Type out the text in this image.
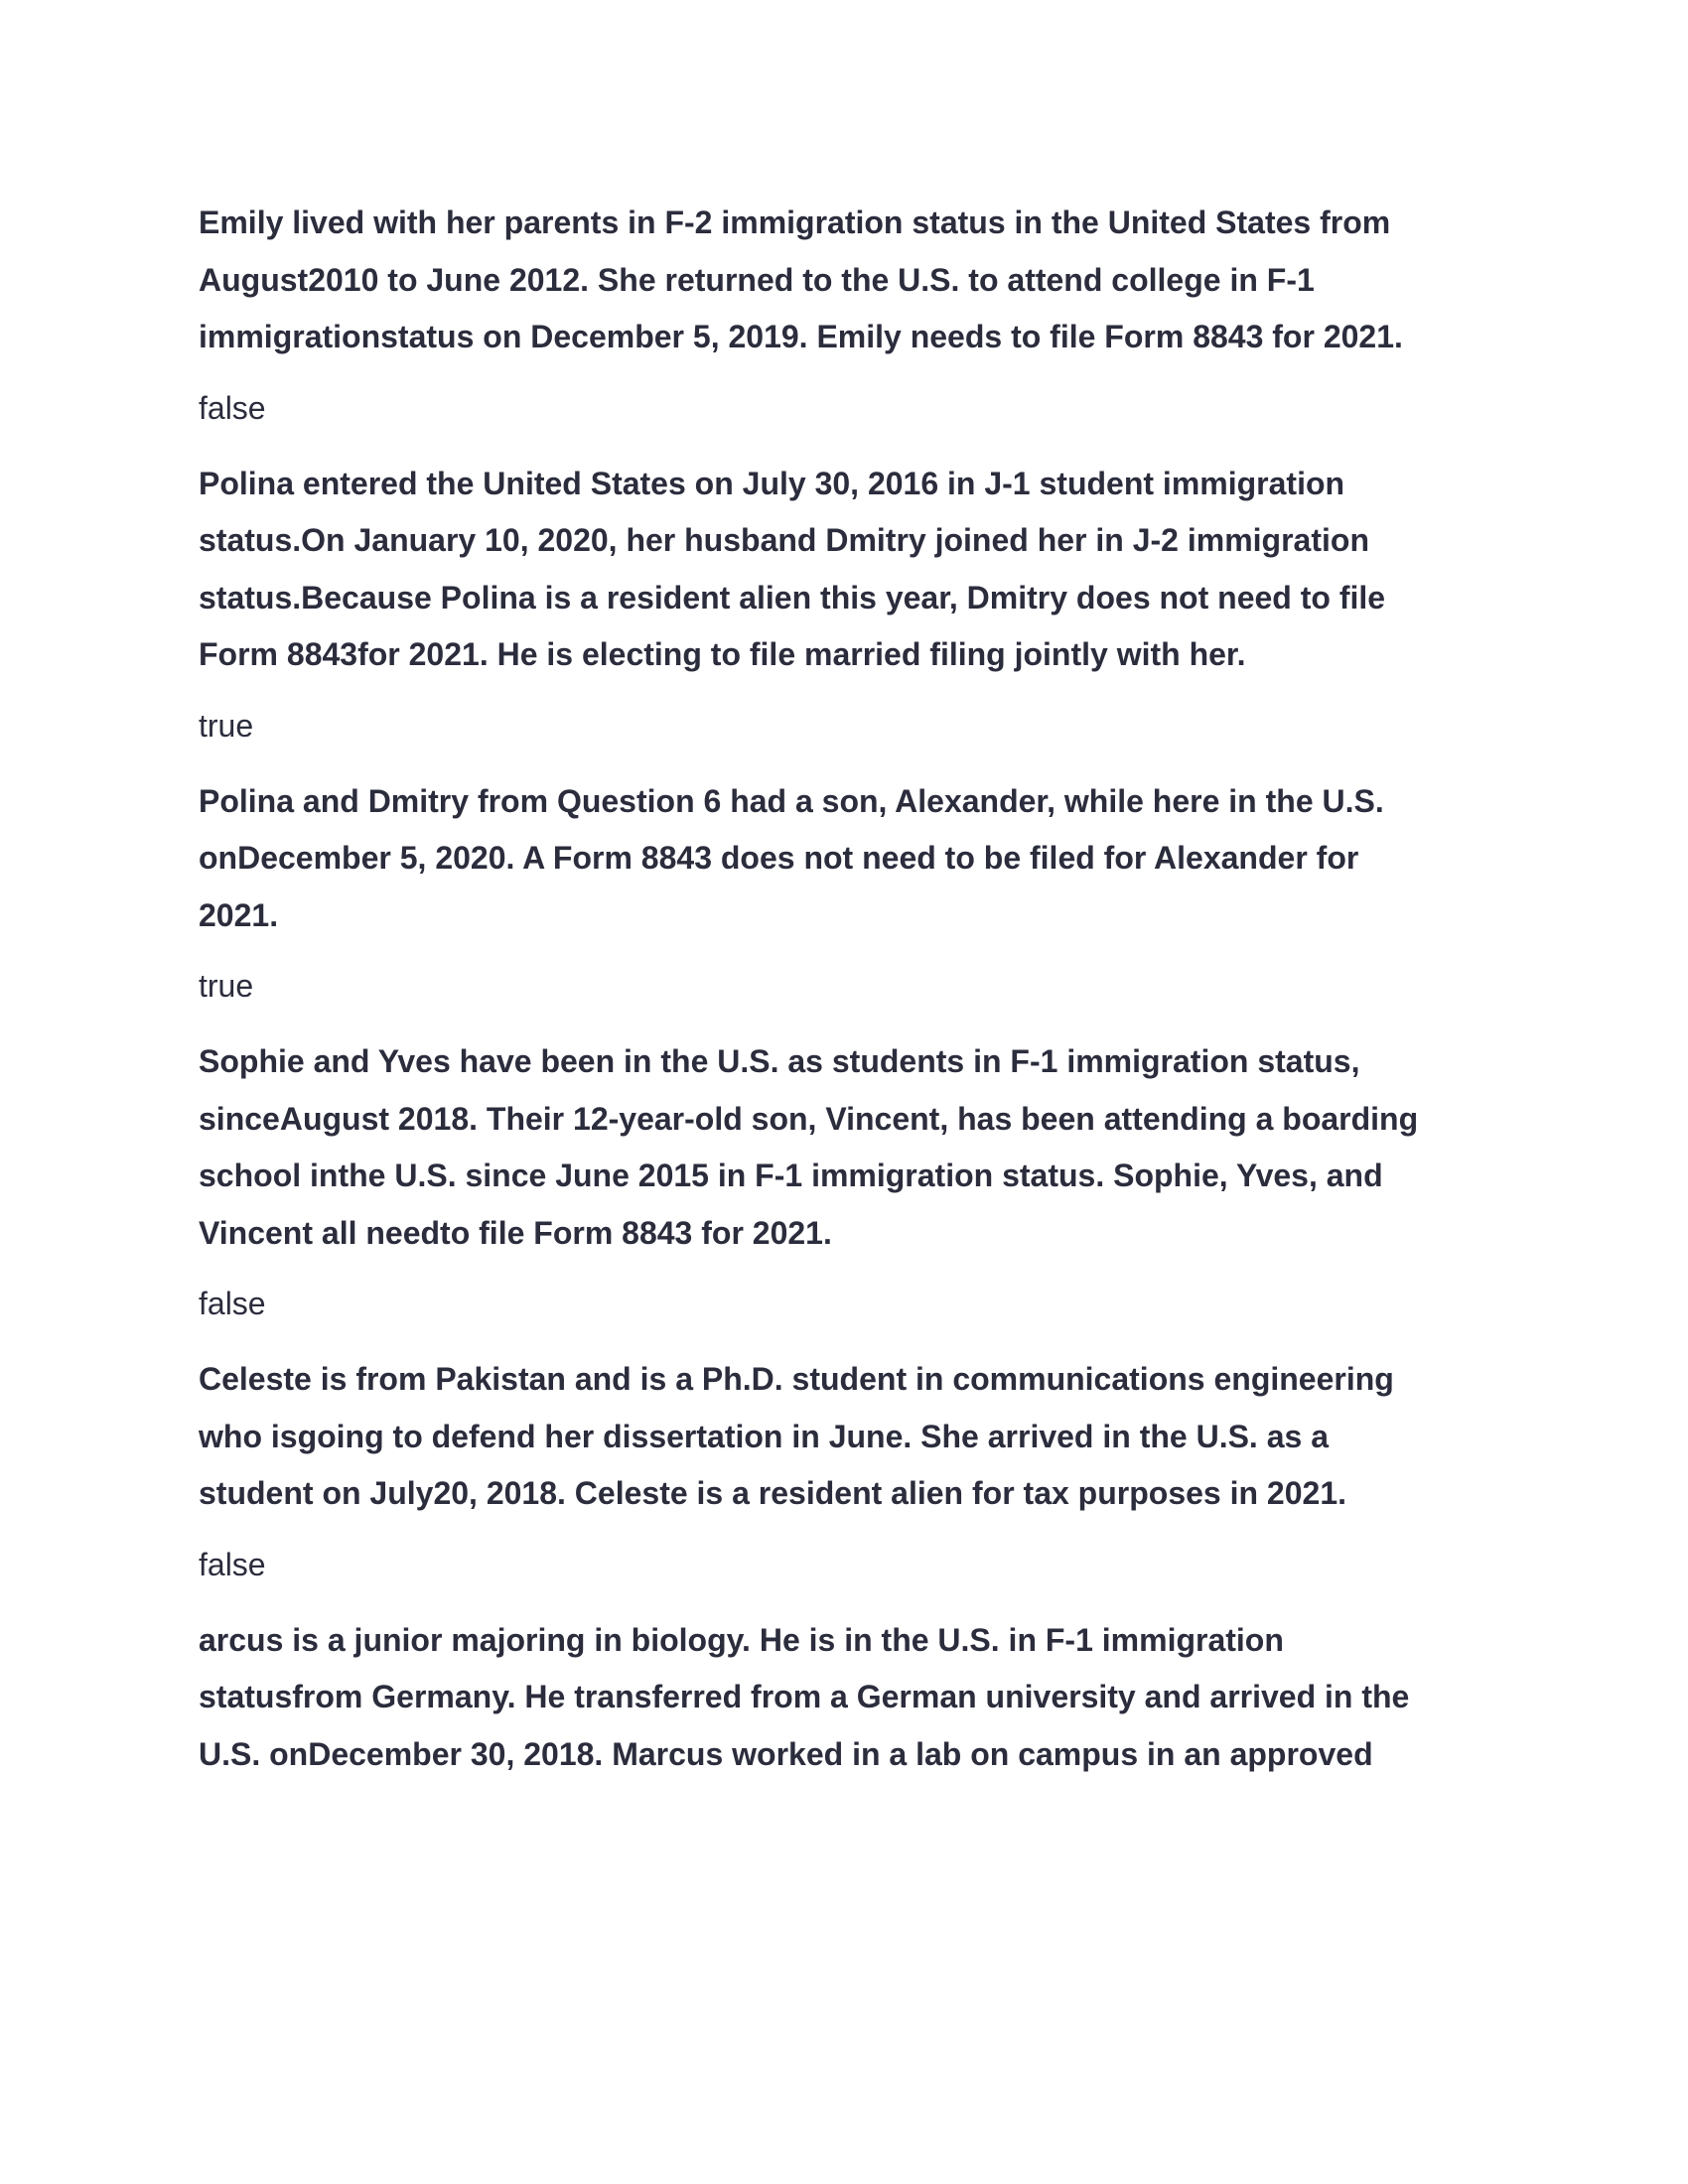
Emily lived with her parents in F-2 immigration status in the United States from
August2010 to June 2012. She returned to the U.S. to attend college in F-1
immigrationstatus on December 5, 2019. Emily needs to file Form 8843 for 2021.

false

Polina entered the United States on July 30, 2016 in J-1 student immigration
status.On January 10, 2020, her husband Dmitry joined her in J-2 immigration
status.Because Polina is a resident alien this year, Dmitry does not need to file
Form 8843for 2021. He is electing to file married filing jointly with her.

true

Polina and Dmitry from Question 6 had a son, Alexander, while here in the U.S.
onDecember 5, 2020. A Form 8843 does not need to be filed for Alexander for
2021.

true

Sophie and Yves have been in the U.S. as students in F-1 immigration status,
sinceAugust 2018. Their 12-year-old son, Vincent, has been attending a boarding
school inthe U.S. since June 2015 in F-1 immigration status. Sophie, Yves, and
Vincent all needto file Form 8843 for 2021.

false

Celeste is from Pakistan and is a Ph.D. student in communications engineering
who isgoing to defend her dissertation in June. She arrived in the U.S. as a
student on July20, 2018. Celeste is a resident alien for tax purposes in 2021.

false

arcus is a junior majoring in biology. He is in the U.S. in F-1 immigration
statusfrom Germany. He transferred from a German university and arrived in the
U.S. onDecember 30, 2018. Marcus worked in a lab on campus in an approved
